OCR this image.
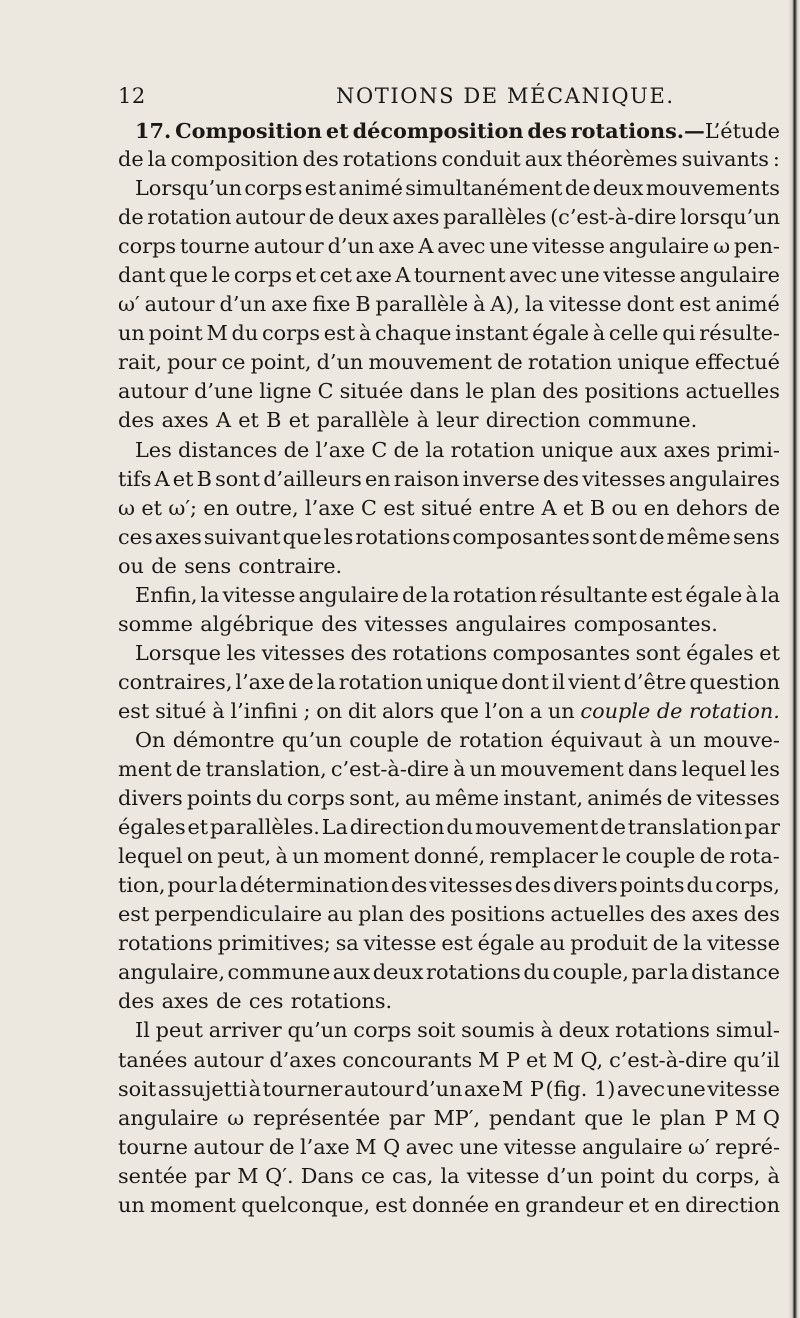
12	NOTIONS DE MÉCANIQUE.
17. Composition et décomposition des rotations.—L’étude
de la composition des rotations conduit aux théorèmes suivants :
Lorsqu’un corps est animé simultanément de deux mouvements
de rotation autour de deux axes parallèles (c’est-à-dire lorsqu’un
corps tourne autour d’un axe A avec une vitesse angulaire ω pen-
dant que le corps et cet axe A tournent avec une vitesse angulaire
ω′ autour d’un axe fixe B parallèle à A), la vitesse dont est animé
un point M du corps est à chaque instant égale à celle qui résulte-
rait, pour ce point, d’un mouvement de rotation unique effectué
autour d’une ligne C située dans le plan des positions actuelles
des axes A et B et parallèle à leur direction commune.
Les distances de l’axe C de la rotation unique aux axes primi-
tifs A et B sont d’ailleurs en raison inverse des vitesses angulaires
ω et ω′; en outre, l’axe C est situé entre A et B ou en dehors de
ces axes suivant que les rotations composantes sont de même sens
ou de sens contraire.
Enfin, la vitesse angulaire de la rotation résultante est égale à la
somme algébrique des vitesses angulaires composantes.
Lorsque les vitesses des rotations composantes sont égales et
contraires, l’axe de la rotation unique dont il vient d’être question
est situé à l’infini ; on dit alors que l’on a un couple de rotation.
On démontre qu’un couple de rotation équivaut à un mouve-
ment de translation, c’est-à-dire à un mouvement dans lequel les
divers points du corps sont, au même instant, animés de vitesses
égales et parallèles. La direction du mouvement de translation par
lequel on peut, à un moment donné, remplacer le couple de rota-
tion, pour la détermination des vitesses des divers points du corps,
est perpendiculaire au plan des positions actuelles des axes des
rotations primitives; sa vitesse est égale au produit de la vitesse
angulaire, commune aux deux rotations du couple, par la distance
des axes de ces rotations.
Il peut arriver qu’un corps soit soumis à deux rotations simul-
tanées autour d’axes concourants M P et M Q, c’est-à-dire qu’il
soit assujetti à tourner autour d’un axe M P (fig. 1) avec une vitesse
angulaire ω représentée par MP′, pendant que le plan P M Q
tourne autour de l’axe M Q avec une vitesse angulaire ω′ repré-
sentée par M Q′. Dans ce cas, la vitesse d’un point du corps, à
un moment quelconque, est donnée en grandeur et en direction
